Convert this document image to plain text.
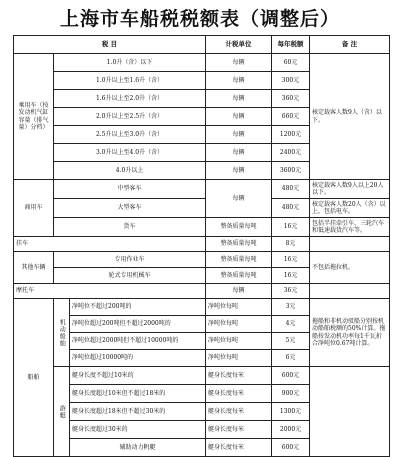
上海市车船税税额表（调整后）
税 目			计税单位	每年税额	备 注
乘用车（按发动机气缸容量（排气量）分档）	1.0升（含）以下		每辆	60元	核定载客人数9人（含）以下。
	1.0升以上至1.6升（含）		每辆	300元	
	1.6升以上至2.0升（含）		每辆	360元	
	2.0升以上至2.5升（含）		每辆	660元	
	2.5升以上至3.0升（含）		每辆	1200元	
	3.0升以上至4.0升（含）		每辆	2400元	
	4.0升以上		每辆	3600元	
商用车	中型客车		每辆	480元	核定载客人数9人以上20人以下。
	大型客车			480元	核定载客人数20人（含）以上，包括电车。
	货车		整备质量每吨	16元	包括半挂牵引车、三轮汽车和低速载货汽车等。
挂车			整备质量每吨	8元	
其他车辆	专用作业车		整备质量每吨	16元	不包括拖拉机。
	轮式专用机械车		整备质量每吨	16元	
摩托车			每辆	36元	
船舶	机动船舶	净吨位不超过200吨的	净吨位每吨	3元	拖船和非机动驳船分别按机动船舶税额的50%计算。拖船按发动机功率每1千瓦折合净吨位0.67吨计算。
		净吨位超过200吨但不超过2000吨的	净吨位每吨	4元	
		净吨位超过2000吨但不超过10000吨的	净吨位每吨	5元	
		净吨位超过10000吨的	净吨位每吨	6元	

	游艇	艇身长度不超过10米的	艇身长度每米	600元	
		艇身长度超过10米但不超过18米的	艇身长度每米	900元	
		艇身长度超过18米但不超过30米的	艇身长度每米	1300元	
		艇身长度超过30米的	艇身长度每米	2000元	
		辅助动力帆艇	艇身长度每米	600元	
